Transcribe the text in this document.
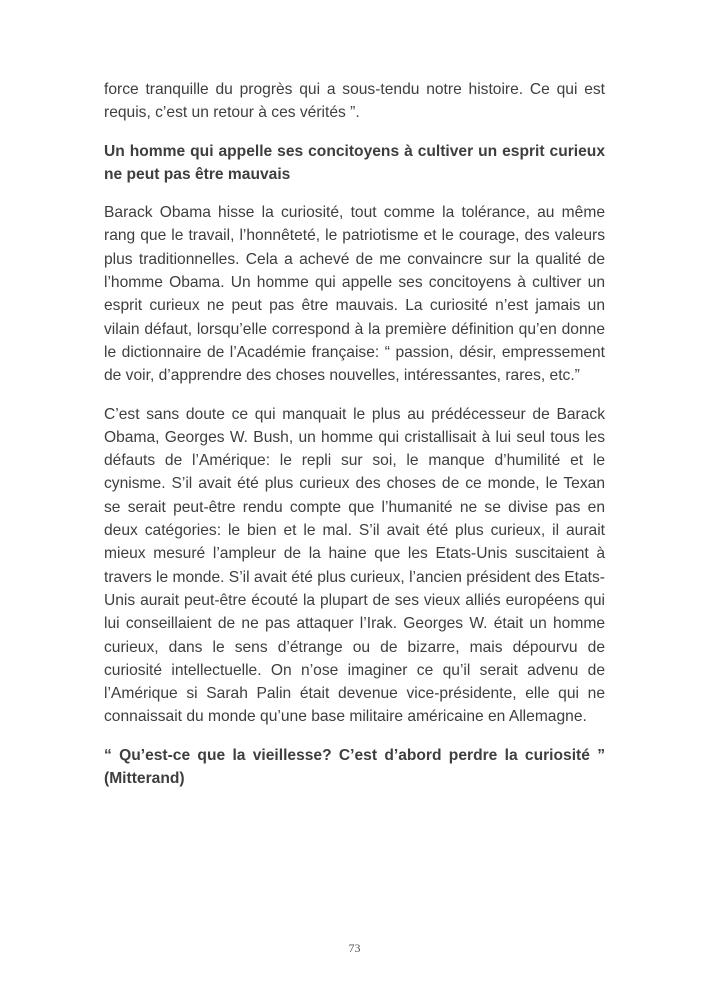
force tranquille du progrès qui a sous-tendu notre histoire. Ce qui est requis, c’est un retour à ces vérités ”.

Un homme qui appelle ses concitoyens à cultiver un esprit curieux ne peut pas être mauvais

Barack Obama hisse la curiosité, tout comme la tolérance, au même rang que le travail, l’honnêteté, le patriotisme et le courage, des valeurs plus traditionnelles. Cela a achevé de me convaincre sur la qualité de l’homme Obama. Un homme qui appelle ses concitoyens à cultiver un esprit curieux ne peut pas être mauvais. La curiosité n’est jamais un vilain défaut, lorsqu’elle correspond à la première définition qu’en donne le dictionnaire de l’Académie française: “ passion, désir, empressement de voir, d’apprendre des choses nouvelles, intéressantes, rares, etc.”

C’est sans doute ce qui manquait le plus au prédécesseur de Barack Obama, Georges W. Bush, un homme qui cristallisait à lui seul tous les défauts de l’Amérique: le repli sur soi, le manque d’humilité et le cynisme. S’il avait été plus curieux des choses de ce monde, le Texan se serait peut-être rendu compte que l’humanité ne se divise pas en deux catégories: le bien et le mal. S’il avait été plus curieux, il aurait mieux mesuré l’ampleur de la haine que les Etats-Unis suscitaient à travers le monde. S’il avait été plus curieux, l’ancien président des Etats-Unis aurait peut-être écouté la plupart de ses vieux alliés européens qui lui conseillaient de ne pas attaquer l’Irak. Georges W. était un homme curieux, dans le sens d’étrange ou de bizarre, mais dépourvu de curiosité intellectuelle. On n’ose imaginer ce qu’il serait advenu de l’Amérique si Sarah Palin était devenue vice-présidente, elle qui ne connaissait du monde qu’une base militaire américaine en Allemagne.

“ Qu’est-ce que la vieillesse? C’est d’abord perdre la curiosité ” (Mitterand)

73
